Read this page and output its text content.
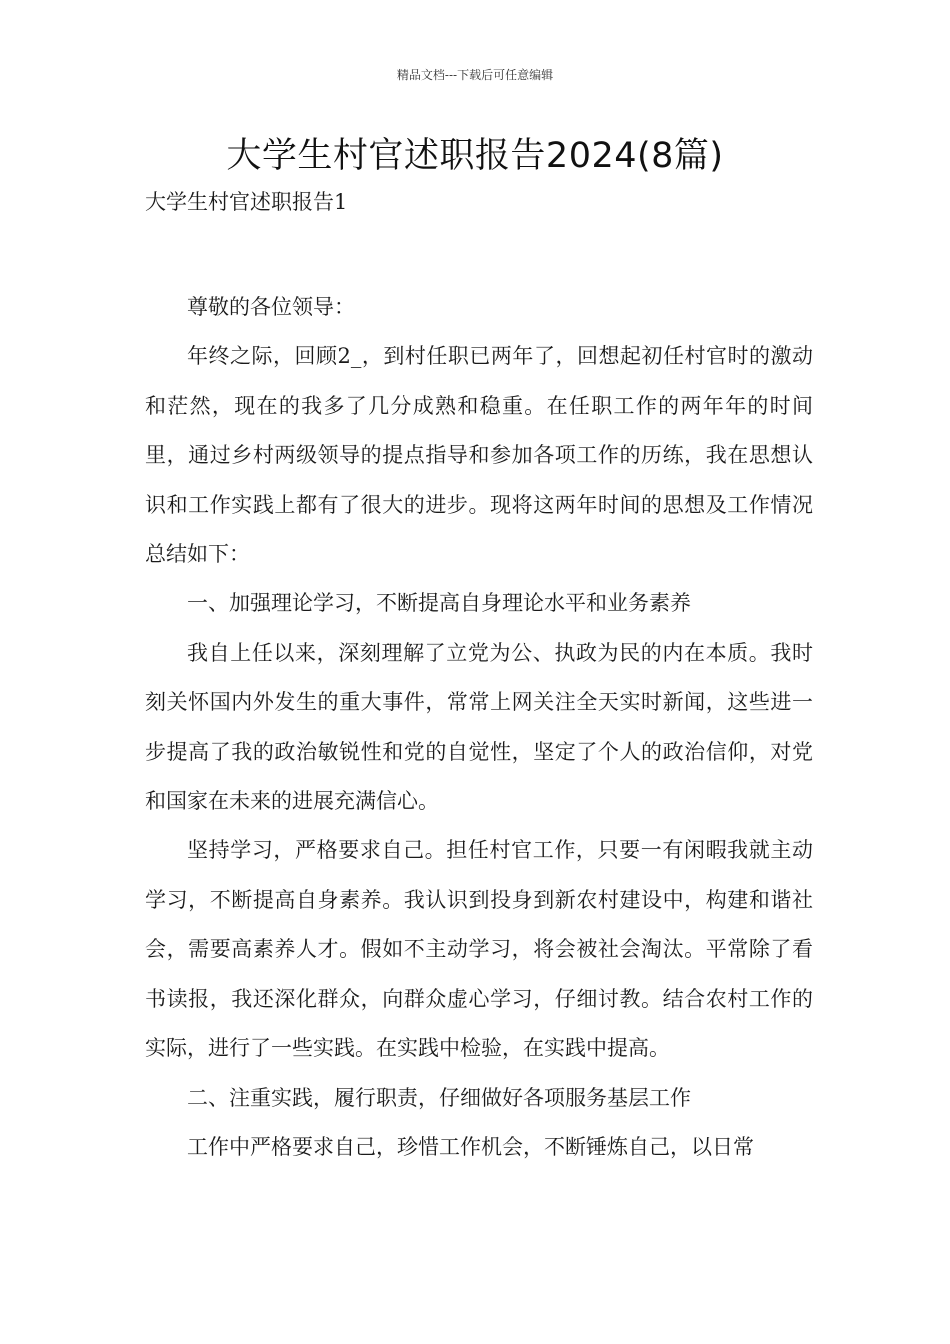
精品文档---下载后可任意编辑
大学生村官述职报告2024(8篇)
大学生村官述职报告1

尊敬的各位领导：

年终之际，回顾2_，到村任职已两年了，回想起初任村官时的激动和茫然，现在的我多了几分成熟和稳重。在任职工作的两年年的时间里，通过乡村两级领导的提点指导和参加各项工作的历练，我在思想认识和工作实践上都有了很大的进步。现将这两年时间的思想及工作情况总结如下：

一、加强理论学习，不断提高自身理论水平和业务素养

我自上任以来，深刻理解了立党为公、执政为民的内在本质。我时刻关怀国内外发生的重大事件，常常上网关注全天实时新闻，这些进一步提高了我的政治敏锐性和党的自觉性，坚定了个人的政治信仰，对党和国家在未来的进展充满信心。

坚持学习，严格要求自己。担任村官工作，只要一有闲暇我就主动学习，不断提高自身素养。我认识到投身到新农村建设中，构建和谐社会，需要高素养人才。假如不主动学习，将会被社会淘汰。平常除了看书读报，我还深化群众，向群众虚心学习，仔细讨教。结合农村工作的实际，进行了一些实践。在实践中检验，在实践中提高。

二、注重实践，履行职责，仔细做好各项服务基层工作

工作中严格要求自己，珍惜工作机会，不断锤炼自己，以日常
